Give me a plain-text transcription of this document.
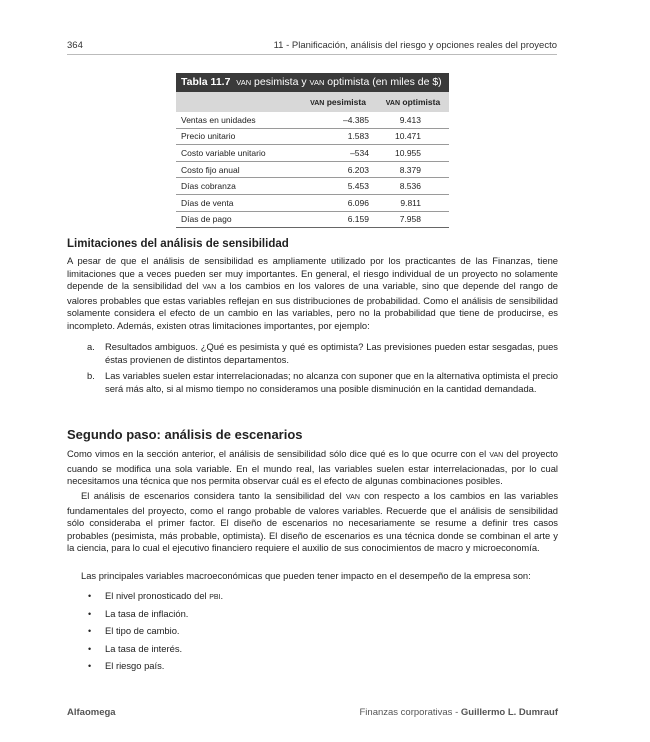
364	11 - Planificación, análisis del riesgo y opciones reales del proyecto
Tabla 11.7 VAN pesimista y VAN optimista (en miles de $)
	VAN pesimista	VAN optimista
Ventas en unidades	–4.385	9.413
Precio unitario	1.583	10.471
Costo variable unitario	–534	10.955
Costo fijo anual	6.203	8.379
Días cobranza	5.453	8.536
Días de venta	6.096	9.811
Días de pago	6.159	7.958
Limitaciones del análisis de sensibilidad

A pesar de que el análisis de sensibilidad es ampliamente utilizado por los practicantes de las Finanzas, tiene limitaciones que a veces pueden ser muy importantes. En general, el riesgo individual de un proyecto no solamente depende de la sensibilidad del VAN a los cambios en los valores de una variable, sino que depende del rango de valores probables que estas variables reflejan en sus distribuciones de probabilidad. Como el análisis de sensibilidad solamente considera el efecto de un cambio en las variables, pero no la probabilidad que tiene de producirse, es incompleto. Además, existen otras limitaciones importantes, por ejemplo:

a. Resultados ambiguos. ¿Qué es pesimista y qué es optimista? Las previsiones pueden estar sesgadas, pues éstas provienen de distintos departamentos.
b. Las variables suelen estar interrelacionadas; no alcanza con suponer que en la alternativa optimista el precio será más alto, si al mismo tiempo no consideramos una posible disminución en la cantidad demandada.
Segundo paso: análisis de escenarios

Como vimos en la sección anterior, el análisis de sensibilidad sólo dice qué es lo que ocurre con el VAN del proyecto cuando se modifica una sola variable. En el mundo real, las variables suelen estar interrelacionadas, por lo cual necesitamos una técnica que nos permita observar cuál es el efecto de algunas combinaciones posibles.

El análisis de escenarios considera tanto la sensibilidad del VAN con respecto a los cambios en las variables fundamentales del proyecto, como el rango probable de valores variables. Recuerde que el análisis de sensibilidad sólo consideraba el primer factor. El diseño de escenarios no necesariamente se resume a definir tres casos probables (pesimista, más probable, optimista). El diseño de escenarios es una técnica donde se combinan el arte y la ciencia, para lo cual el ejecutivo financiero requiere el auxilio de sus conocimientos de macro y microeconomía.

Las principales variables macroeconómicas que pueden tener impacto en el desempeño de la empresa son:

• El nivel pronosticado del PBI.
• La tasa de inflación.
• El tipo de cambio.
• La tasa de interés.
• El riesgo país.
Alfaomega	Finanzas corporativas - Guillermo L. Dumrauf
